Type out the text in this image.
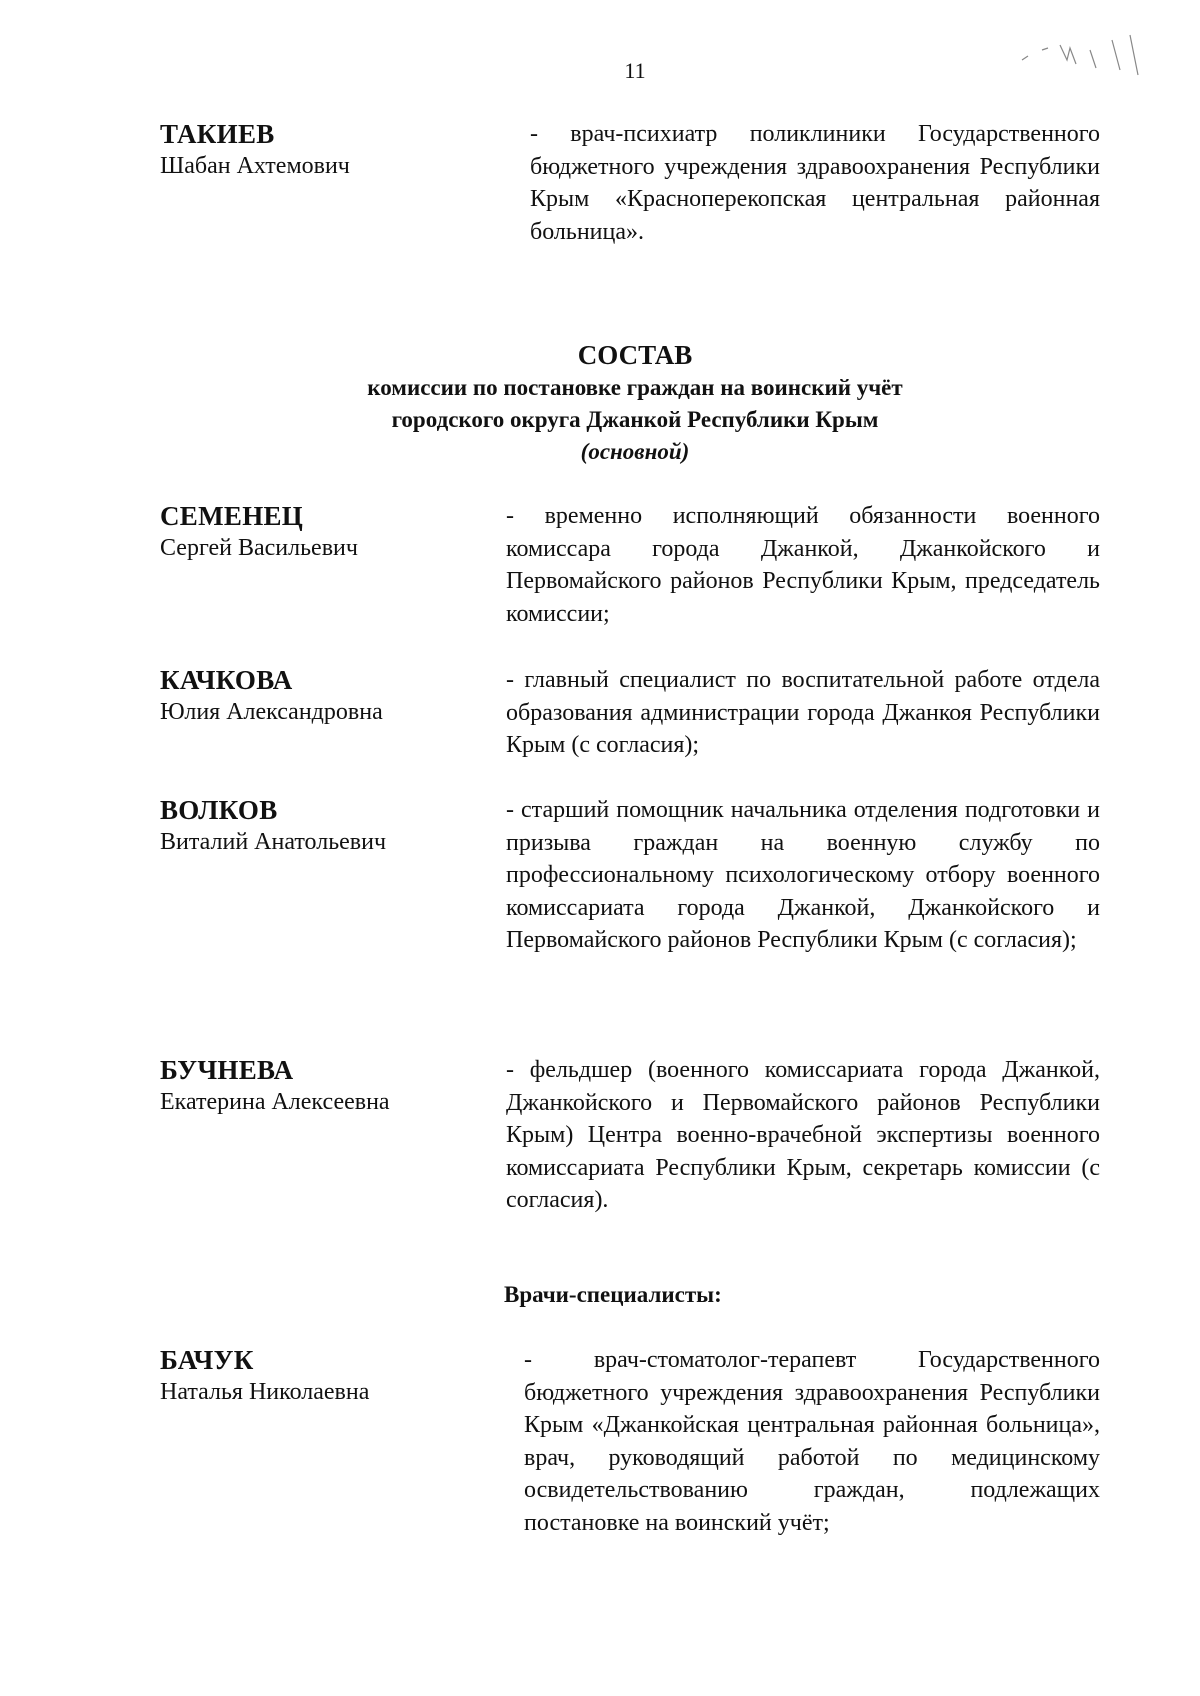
11
ТАКИЕВ
Шабан Ахтемович
- врач-психиатр поликлиники Государственного бюджетного учреждения здравоохранения Республики Крым «Красноперекопская центральная районная больница».
СОСТАВ
комиссии по постановке граждан на воинский учёт
городского округа Джанкой Республики Крым
(основной)
СЕМЕНЕЦ
Сергей Васильевич
- временно исполняющий обязанности военного комиссара города Джанкой, Джанкойского и Первомайского районов Республики Крым, председатель комиссии;
КАЧКОВА
Юлия Александровна
- главный специалист по воспитательной работе отдела образования администрации города Джанкоя Республики Крым (с согласия);
ВОЛКОВ
Виталий Анатольевич
- старший помощник начальника отделения подготовки и призыва граждан на военную службу по профессиональному психологическому отбору военного комиссариата города Джанкой, Джанкойского и Первомайского районов Республики Крым (с согласия);
БУЧНЕВА
Екатерина Алексеевна
- фельдшер (военного комиссариата города Джанкой, Джанкойского и Первомайского районов Республики Крым) Центра военно-врачебной экспертизы военного комиссариата Республики Крым, секретарь комиссии (с согласия).
Врачи-специалисты:
БАЧУК
Наталья Николаевна
- врач-стоматолог-терапевт Государственного бюджетного учреждения здравоохранения Республики Крым «Джанкойская центральная районная больница», врач, руководящий работой по медицинскому освидетельствованию граждан, подлежащих постановке на воинский учёт;
